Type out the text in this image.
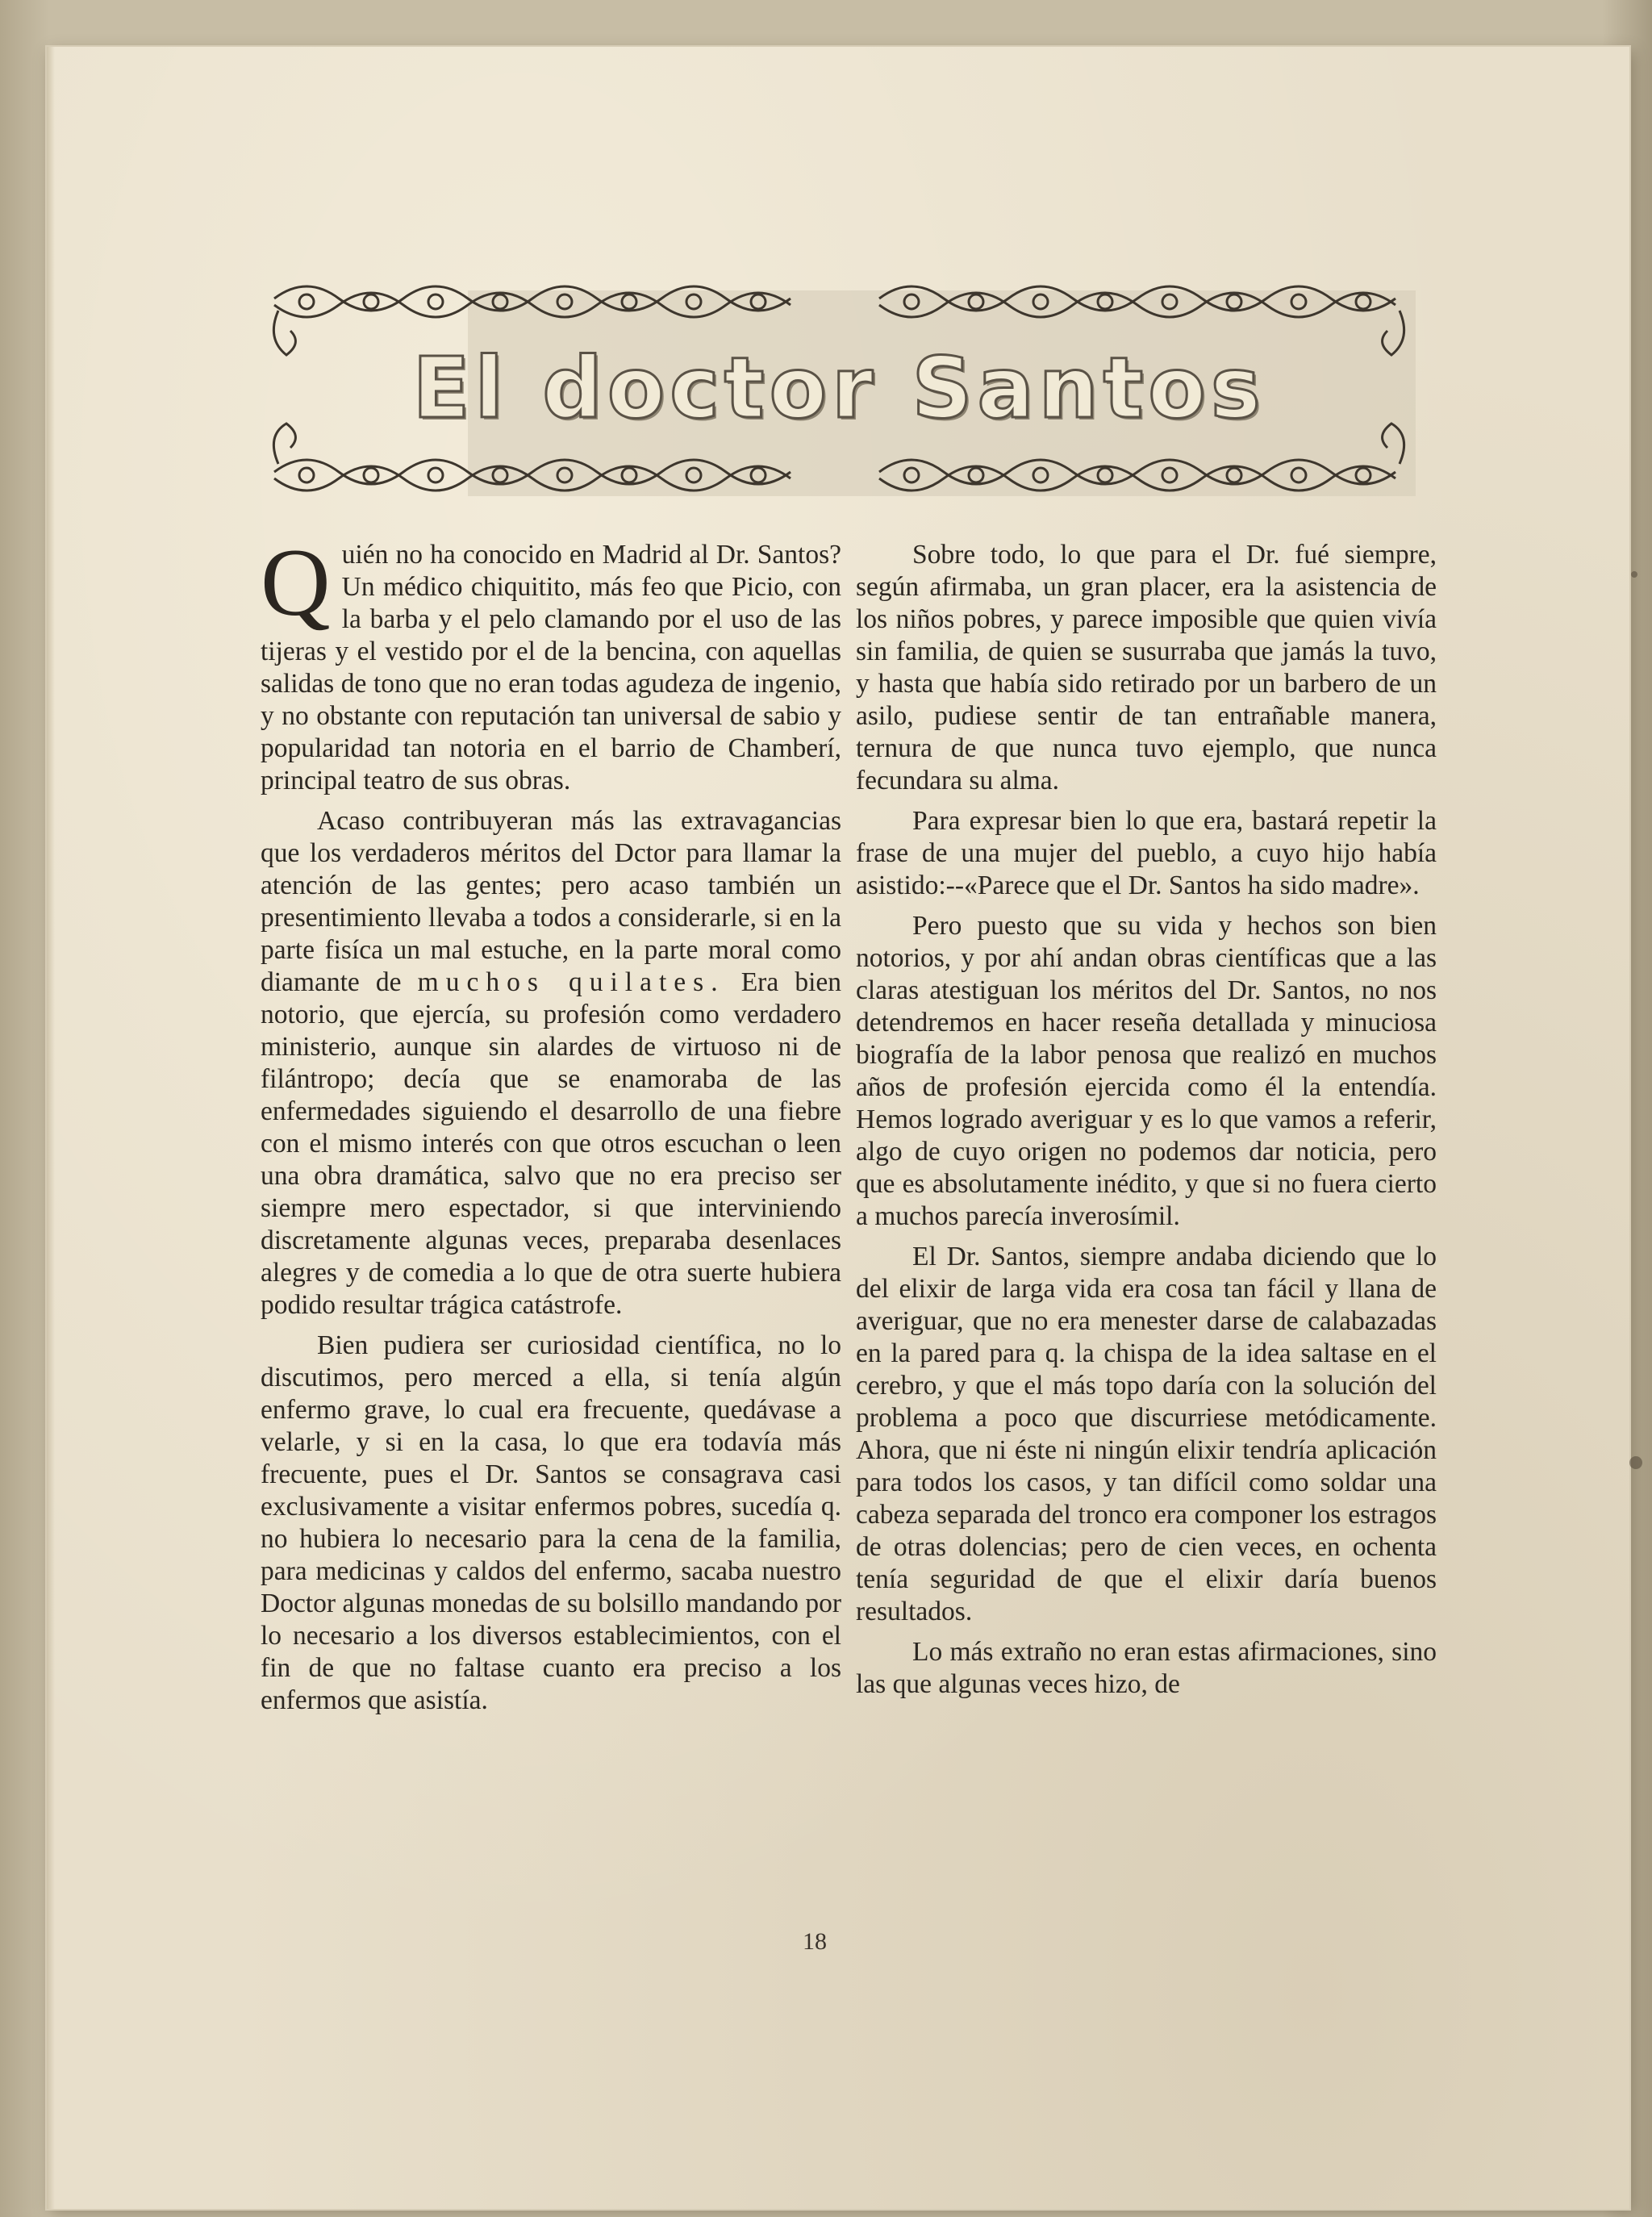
El doctor Santos

Quién no ha conocido en Madrid al Dr. Santos? Un médico chiquitito, más feo que Picio, con la barba y el pelo clamando por el uso de las tijeras y el vestido por el de la bencina, con aquellas salidas de tono que no eran todas agudeza de ingenio, y no obstante con reputación tan universal de sabio y popularidad tan notoria en el barrio de Chamberí, principal teatro de sus obras.

Acaso contribuyeran más las extravagancias que los verdaderos méritos del Dctor para llamar la atención de las gentes; pero acaso también un presentimiento llevaba a todos a considerarle, si en la parte fisíca un mal estuche, en la parte moral como diamante de muchos quilates. Era bien notorio, que ejercía, su profesión como verdadero ministerio, aunque sin alardes de virtuoso ni de filántropo; decía que se enamoraba de las enfermedades siguiendo el desarrollo de una fiebre con el mismo interés con que otros escuchan o leen una obra dramática, salvo que no era preciso ser siempre mero espectador, si que interviniendo discretamente algunas veces, preparaba desenlaces alegres y de comedia a lo que de otra suerte hubiera podido resultar trágica catástrofe.

Bien pudiera ser curiosidad científica, no lo discutimos, pero merced a ella, si tenía algún enfermo grave, lo cual era frecuente, quedávase a velarle, y si en la casa, lo que era todavía más frecuente, pues el Dr. Santos se consagrava casi exclusivamente a visitar enfermos pobres, sucedía q. no hubiera lo necesario para la cena de la familia, para medicinas y caldos del enfermo, sacaba nuestro Doctor algunas monedas de su bolsillo mandando por lo necesario a los diversos establecimientos, con el fin de que no faltase cuanto era preciso a los enfermos que asistía.

Sobre todo, lo que para el Dr. fué siempre, según afirmaba, un gran placer, era la asistencia de los niños pobres, y parece imposible que quien vivía sin familia, de quien se susurraba que jamás la tuvo, y hasta que había sido retirado por un barbero de un asilo, pudiese sentir de tan entrañable manera, ternura de que nunca tuvo ejemplo, que nunca fecundara su alma.

Para expresar bien lo que era, bastará repetir la frase de una mujer del pueblo, a cuyo hijo había asistido:--«Parece que el Dr. Santos ha sido madre».

Pero puesto que su vida y hechos son bien notorios, y por ahí andan obras científicas que a las claras atestiguan los méritos del Dr. Santos, no nos detendremos en hacer reseña detallada y minuciosa biografía de la labor penosa que realizó en muchos años de profesión ejercida como él la entendía. Hemos logrado averiguar y es lo que vamos a referir, algo de cuyo origen no podemos dar noticia, pero que es absolutamente inédito, y que si no fuera cierto a muchos parecía inverosímil.

El Dr. Santos, siempre andaba diciendo que lo del elixir de larga vida era cosa tan fácil y llana de averiguar, que no era menester darse de calabazadas en la pared para q. la chispa de la idea saltase en el cerebro, y que el más topo daría con la solución del problema a poco que discurriese metódicamente. Ahora, que ni éste ni ningún elixir tendría aplicación para todos los casos, y tan difícil como soldar una cabeza separada del tronco era componer los estragos de otras dolencias; pero de cien veces, en ochenta tenía seguridad de que el elixir daría buenos resultados.

Lo más extraño no eran estas afirmaciones, sino las que algunas veces hizo, de

18
